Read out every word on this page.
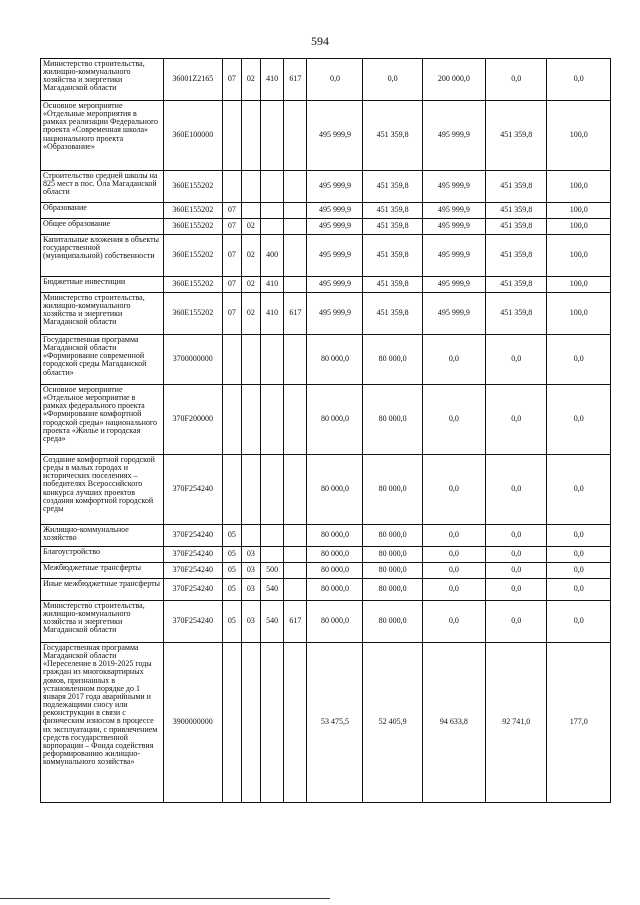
594
Министерство строительства, жилищно-коммунального хозяйства и энергетики Магаданской области	36001Z2165	07	02	410	617	0,0	0,0	200 000,0	0,0	0,0
Основное мероприятие «Отдельные мероприятия в рамках реализации Федерального проекта «Современная школа» национального проекта «Образование»	360Е100000					495 999,9	451 359,8	495 999,9	451 359,8	100,0
Строительство средней школы на 825 мест в пос. Ола Магаданской области	360Е155202					495 999,9	451 359,8	495 999,9	451 359,8	100,0
Образование	360Е155202	07				495 999,9	451 359,8	495 999,9	451 359,8	100,0
Общее образование	360Е155202	07	02			495 999,9	451 359,8	495 999,9	451 359,8	100,0
Капитальные вложения в объекты государственной (муниципальной) собственности	360Е155202	07	02	400		495 999,9	451 359,8	495 999,9	451 359,8	100,0
Бюджетные инвестиции	360Е155202	07	02	410		495 999,9	451 359,8	495 999,9	451 359,8	100,0
Министерство строительства, жилищно-коммунального хозяйства и энергетики Магаданской области	360Е155202	07	02	410	617	495 999,9	451 359,8	495 999,9	451 359,8	100,0
Государственная программа Магаданской области «Формирование современной городской среды Магаданской области»	3700000000					80 000,0	80 000,0	0,0	0,0	0,0
Основное мероприятие «Отдельное мероприятие в рамках федерального проекта «Формирование комфортной городской среды» национального проекта «Жилье и городская среда»	370F200000					80 000,0	80 000,0	0,0	0,0	0,0
Создание комфортной городской среды в малых городах и исторических поселениях – победителях Всероссийского конкурса лучших проектов создания комфортной городской среды	370F254240					80 000,0	80 000,0	0,0	0,0	0,0
Жилищно-коммунальное хозяйство	370F254240	05				80 000,0	80 000,0	0,0	0,0	0,0
Благоустройство	370F254240	05	03			80 000,0	80 000,0	0,0	0,0	0,0
Межбюджетные трансферты	370F254240	05	03	500		80 000,0	80 000,0	0,0	0,0	0,0
Иные межбюджетные трансферты	370F254240	05	03	540		80 000,0	80 000,0	0,0	0,0	0,0
Министерство строительства, жилищно-коммунального хозяйства и энергетики Магаданской области	370F254240	05	03	540	617	80 000,0	80 000,0	0,0	0,0	0,0
Государственная программа Магаданской области «Переселение в 2019-2025 годы граждан из многоквартирных домов, признанных в установленном порядке до 1 января 2017 года аварийными и подлежащими сносу или реконструкции в связи с физическим износом в процессе их эксплуатации, с привлечением средств государственной корпорации – Фонда содействия реформированию жилищно-коммунального хозяйства»	3900000000					53 475,5	52 405,9	94 633,8	92 741,0	177,0
